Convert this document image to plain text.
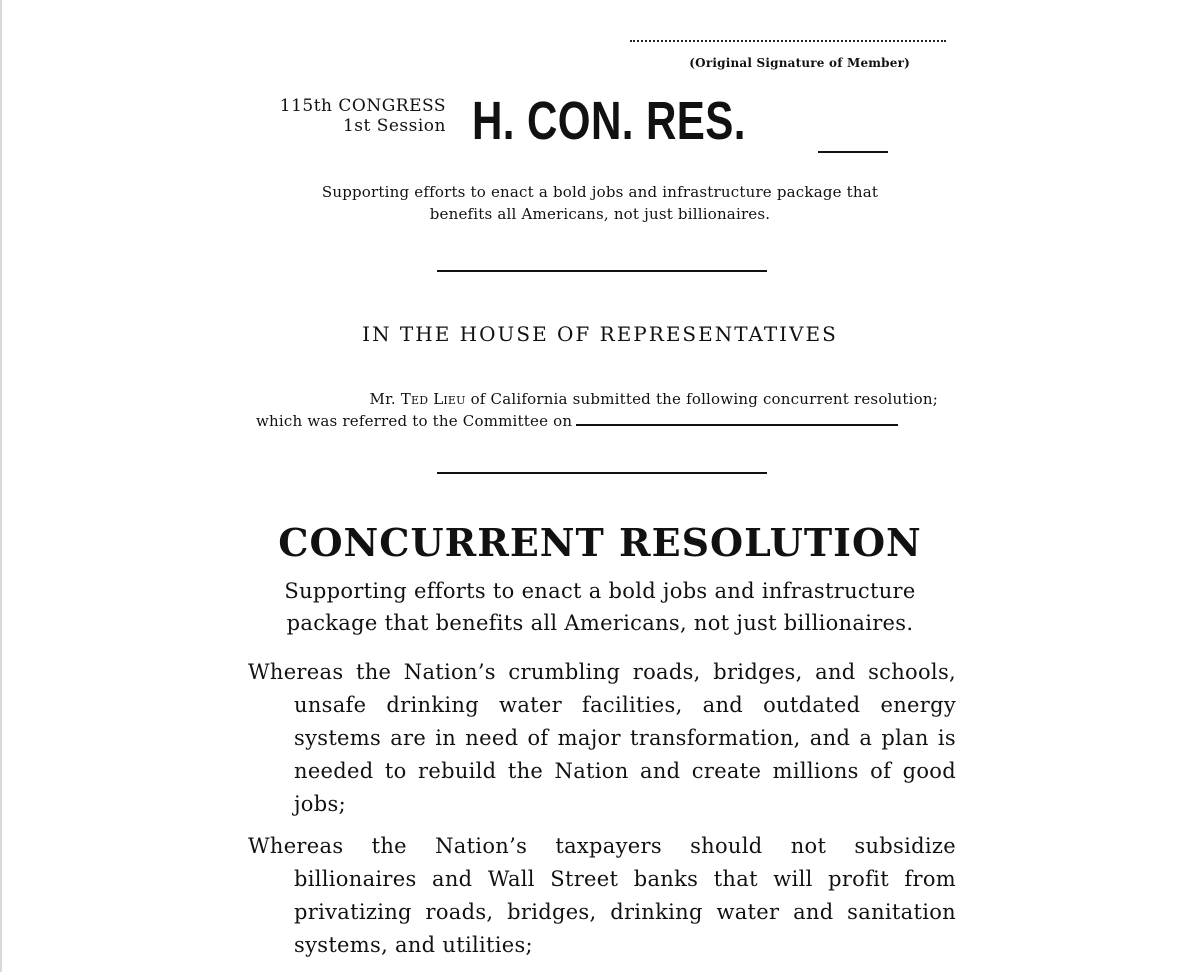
(Original Signature of Member)
115th CONGRESS
1st Session H. CON. RES.
Supporting efforts to enact a bold jobs and infrastructure package that
benefits all Americans, not just billionaires.
IN THE HOUSE OF REPRESENTATIVES
Mr. Ted Lieu of California submitted the following concurrent resolution;
which was referred to the Committee on
CONCURRENT RESOLUTION
Supporting efforts to enact a bold jobs and infrastructure package that benefits all Americans, not just billionaires.
Whereas the Nation’s crumbling roads, bridges, and schools, unsafe drinking water facilities, and outdated energy systems are in need of major transformation, and a plan is needed to rebuild the Nation and create millions of good jobs;
Whereas the Nation’s taxpayers should not subsidize billionaires and Wall Street banks that will profit from privatizing roads, bridges, drinking water and sanitation systems, and utilities;
